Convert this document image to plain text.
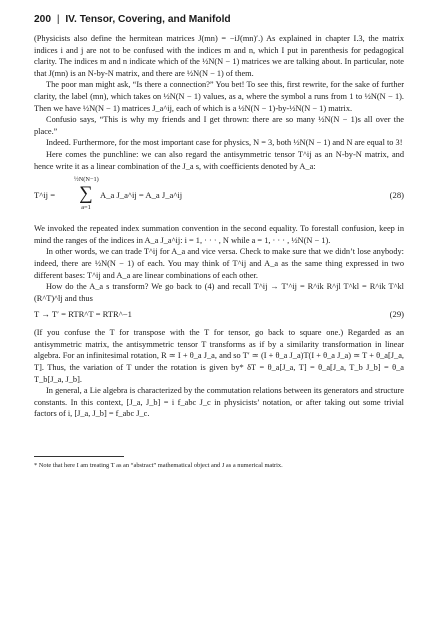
200 | IV. Tensor, Covering, and Manifold

(Physicists also define the hermitean matrices J(mn) = −iJ(mn)′.) As explained in chapter I.3, the matrix indices i and j are not to be confused with the indices m and n, which I put in parenthesis for pedagogical clarity. The indices m and n indicate which of the ½N(N − 1) matrices we are talking about. In particular, note that J(mn) is an N-by-N matrix, and there are ½N(N − 1) of them.

The poor man might ask, “Is there a connection?” You bet! To see this, first rewrite, for the sake of further clarity, the label (mn), which takes on ½N(N − 1) values, as a, where the symbol a runs from 1 to ½N(N − 1). Then we have ½N(N − 1) matrices J_a^ij, each of which is a ½N(N − 1)-by-½N(N − 1) matrix.

Confusio says, “This is why my friends and I get thrown: there are so many ½N(N − 1)s all over the place.”

Indeed. Furthermore, for the most important case for physics, N = 3, both ½N(N − 1) and N are equal to 3!

Here comes the punchline: we can also regard the antisymmetric tensor T^ij as an N-by-N matrix, and hence write it as a linear combination of the J_a s, with coefficients denoted by A_a:

T^ij =
½N(N−1)
∑
a=1
A_a J_a^ij = A_a J_a^ij	(28)

We invoked the repeated index summation convention in the second equality. To forestall confusion, keep in mind the ranges of the indices in A_a J_a^ij: i = 1, · · · , N while a = 1, · · · , ½N(N − 1).

In other words, we can trade T^ij for A_a and vice versa. Check to make sure that we didn’t lose anybody: indeed, there are ½N(N − 1) of each. You may think of T^ij and A_a as the same thing expressed in two different bases: T^ij and A_a are linear combinations of each other.

How do the A_a s transform? We go back to (4) and recall T^ij → T′^ij = R^ik R^jl T^kl = R^ik T^kl (R^T)^lj and thus

T → T′ = RTR^T = RTR^−1	(29)

(If you confuse the T for transpose with the T for tensor, go back to square one.) Regarded as an antisymmetric matrix, the antisymmetric tensor T transforms as if by a similarity transformation in linear algebra. For an infinitesimal rotation, R ≃ I + θ_a J_a, and so T′ ≃ (I + θ_a J_a)T(I + θ_a J_a) ≃ T + θ_a[J_a, T]. Thus, the variation of T under the rotation is given by* δT = θ_a[J_a, T] = θ_a[J_a, T_b J_b] = θ_a T_b[J_a, J_b].

In general, a Lie algebra is characterized by the commutation relations between its generators and structure constants. In this context, [J_a, J_b] = i f_abc J_c in physicists’ notation, or after taking out some trivial factors of i, [J_a, J_b] = f_abc J_c.

* Note that here I am treating T as an “abstract” mathematical object and J as a numerical matrix.
